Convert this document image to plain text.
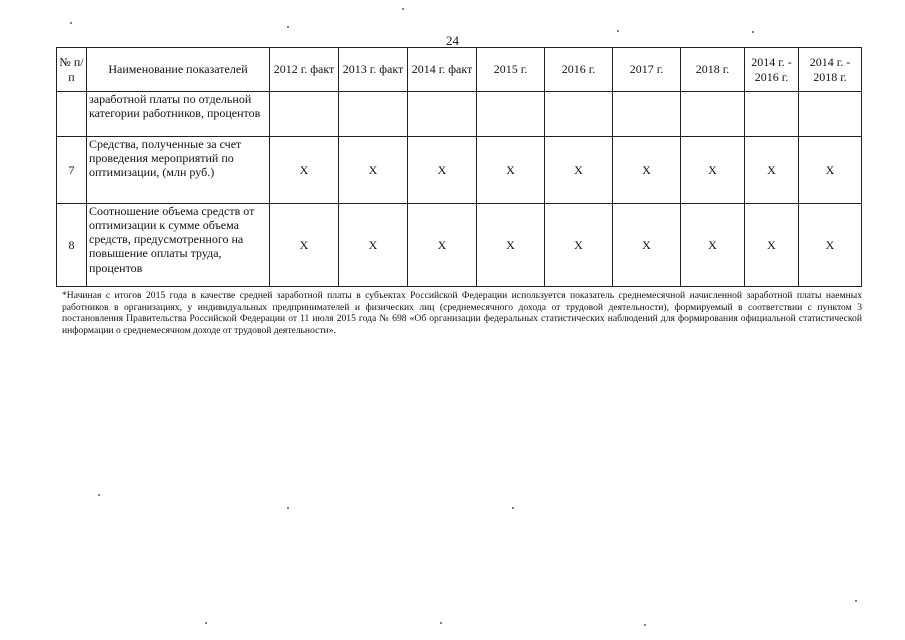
24
№ п/п	Наименование показателей	2012 г. факт	2013 г. факт	2014 г. факт	2015 г.	2016 г.	2017 г.	2018 г.	2014 г. - 2016 г.	2014 г. - 2018 г.
	заработной платы по отдельной категории работников, процентов									
7	Средства, полученные за счет проведения мероприятий по оптимизации, (млн руб.)	X	X	X	X	X	X	X	X	X
8	Соотношение объема средств от оптимизации к сумме объема средств, предусмотренного на повышение оплаты труда, процентов	X	X	X	X	X	X	X	X	X
*Начиная с итогов 2015 года в качестве средней заработной платы в субъектах Российской Федерации используется показатель среднемесячной начисленной заработной платы наемных работников в организациях, у индивидуальных предпринимателей и физических лиц (среднемесячного дохода от трудовой деятельности), формируемый в соответствии с пунктом 3 постановления Правительства Российской Федерации от 11 июля 2015 года № 698 «Об организации федеральных статистических наблюдений для формирования официальной статистической информации о среднемесячном доходе от трудовой деятельности».
